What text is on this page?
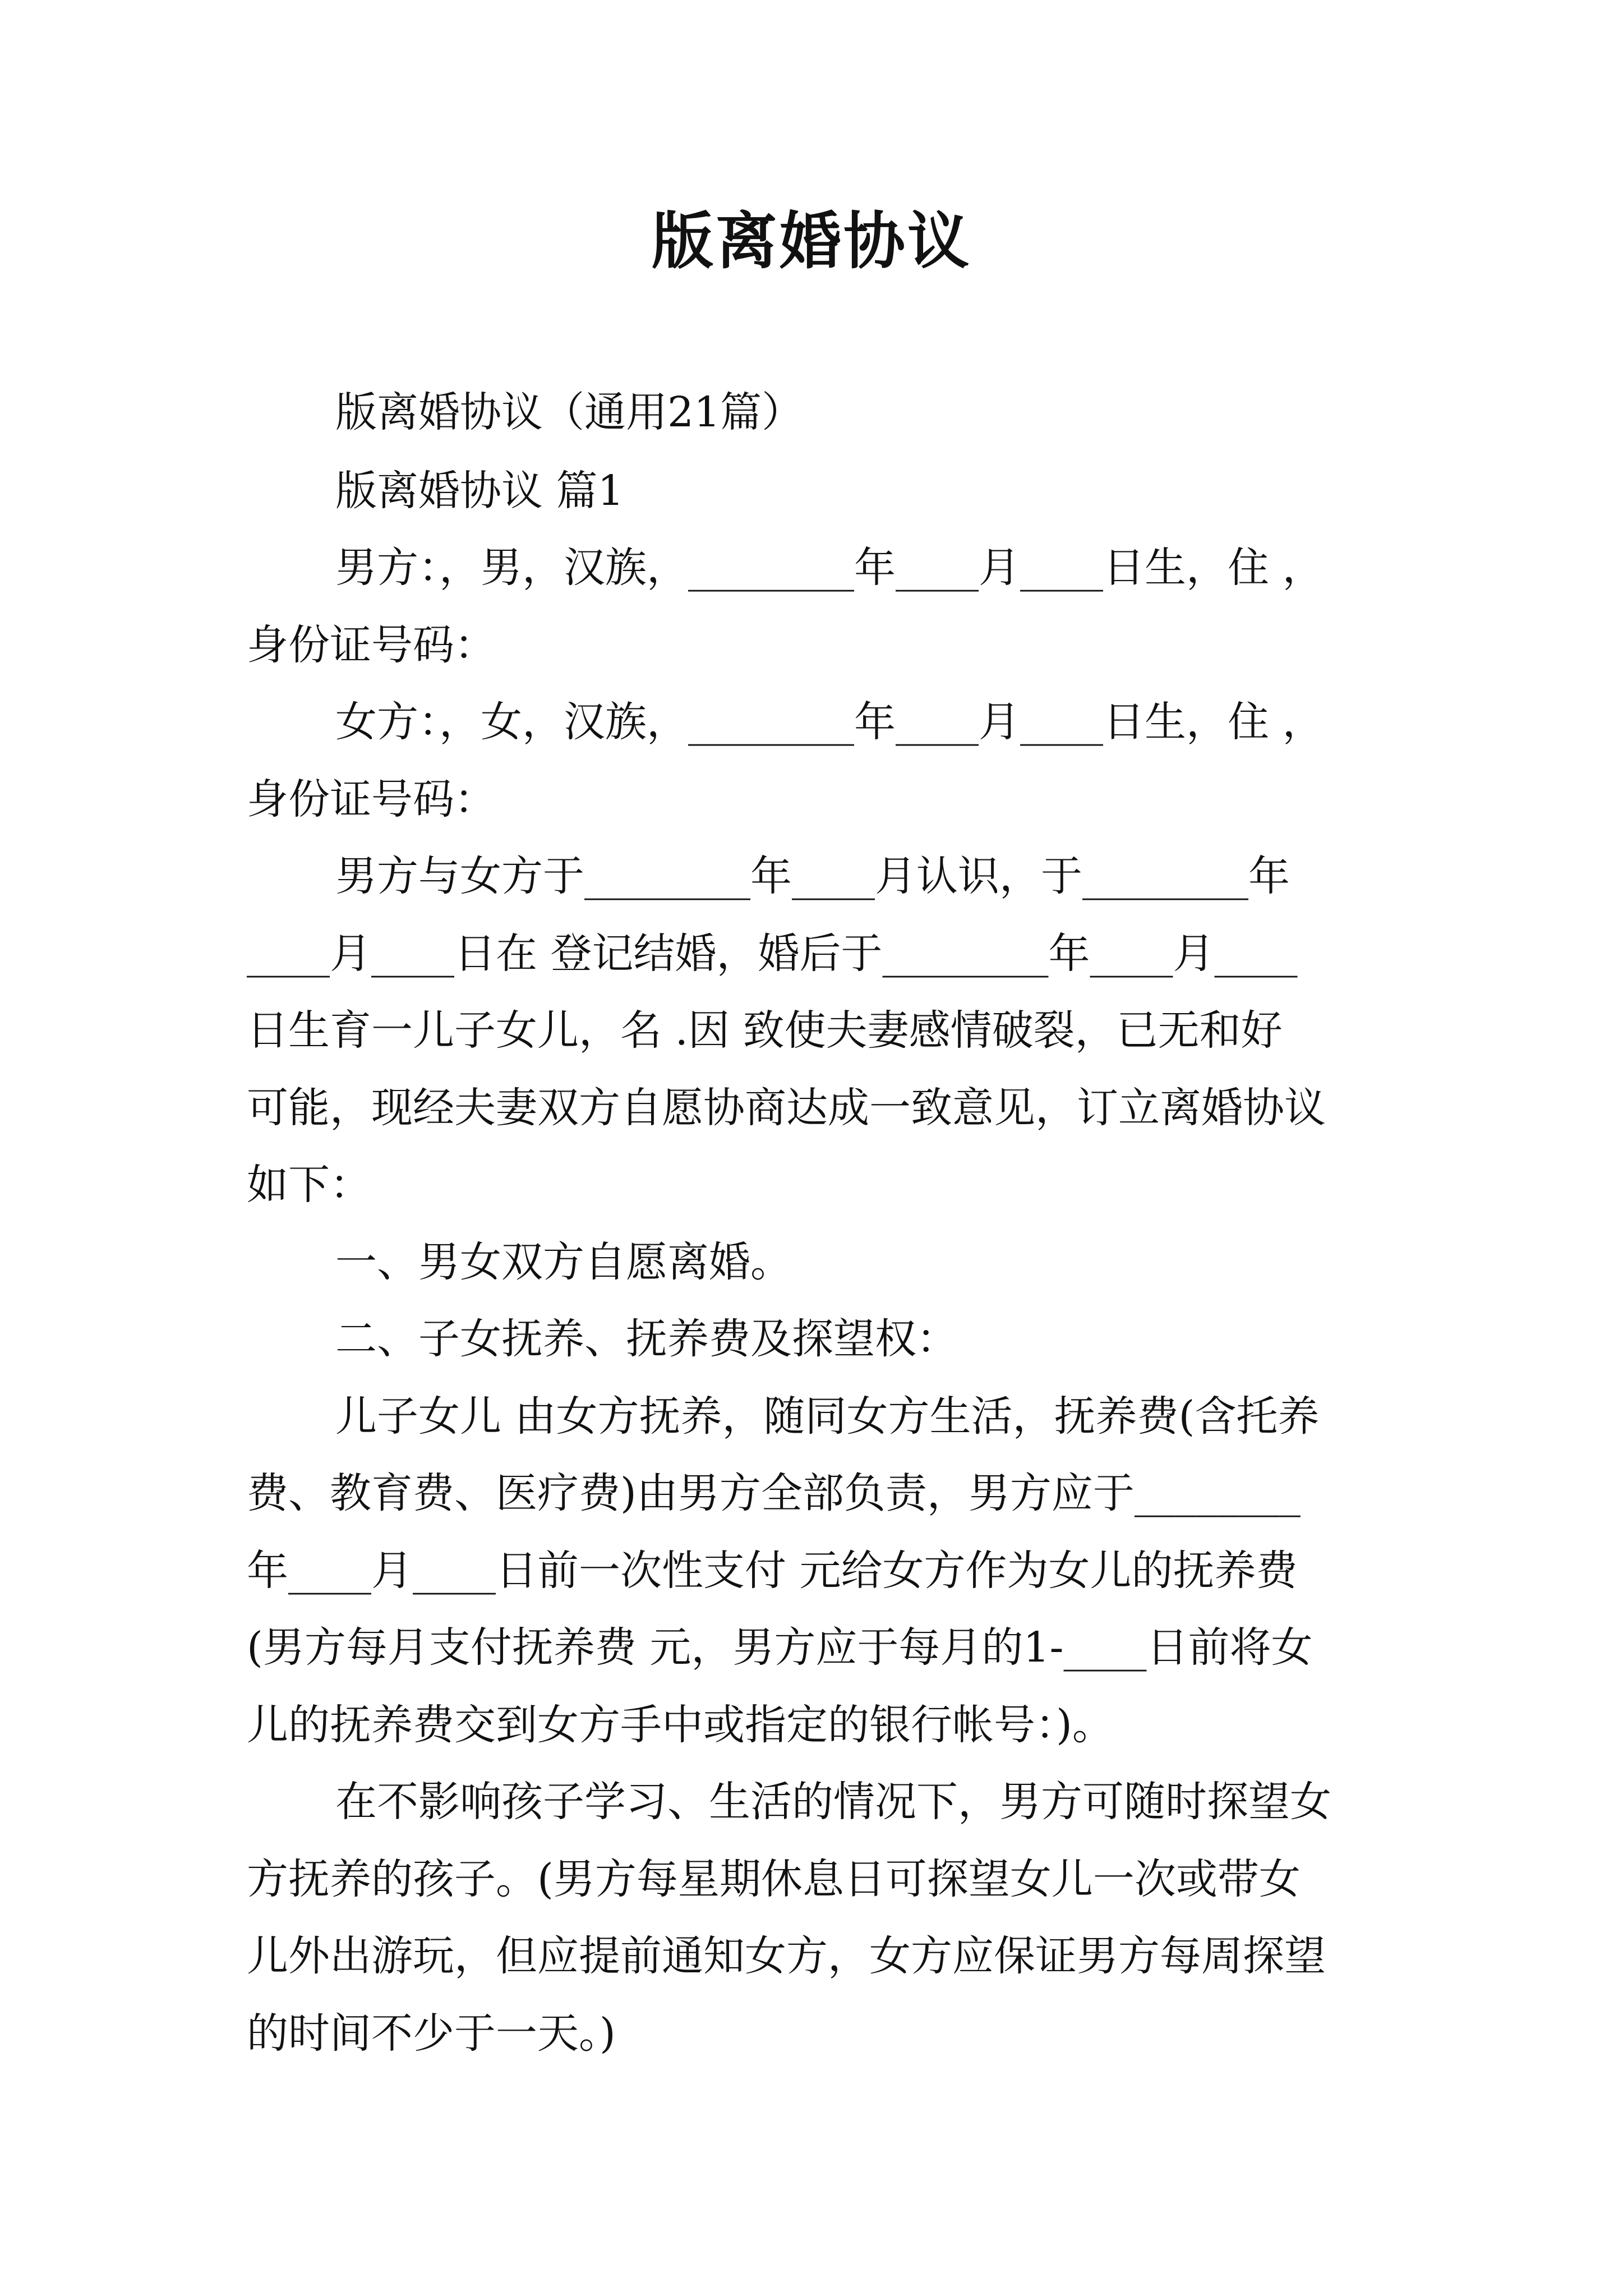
版离婚协议
版离婚协议（通用21篇）
版离婚协议 篇1
男方：，男，汉族，________年____月____日生，住 ，
身份证号码：
女方：，女，汉族，________年____月____日生，住 ，
身份证号码：
男方与女方于________年____月认识，于________年
____月____日在 登记结婚，婚后于________年____月____
日生育一儿子女儿，名 .因 致使夫妻感情破裂，已无和好
可能，现经夫妻双方自愿协商达成一致意见，订立离婚协议
如下：
一、男女双方自愿离婚。
二、子女抚养、抚养费及探望权：
儿子女儿 由女方抚养，随同女方生活，抚养费(含托养
费、教育费、医疗费)由男方全部负责，男方应于________
年____月____日前一次性支付 元给女方作为女儿的抚养费
(男方每月支付抚养费 元，男方应于每月的1-____日前将女
儿的抚养费交到女方手中或指定的银行帐号：)。
在不影响孩子学习、生活的情况下，男方可随时探望女
方抚养的孩子。(男方每星期休息日可探望女儿一次或带女
儿外出游玩，但应提前通知女方，女方应保证男方每周探望
的时间不少于一天。)
